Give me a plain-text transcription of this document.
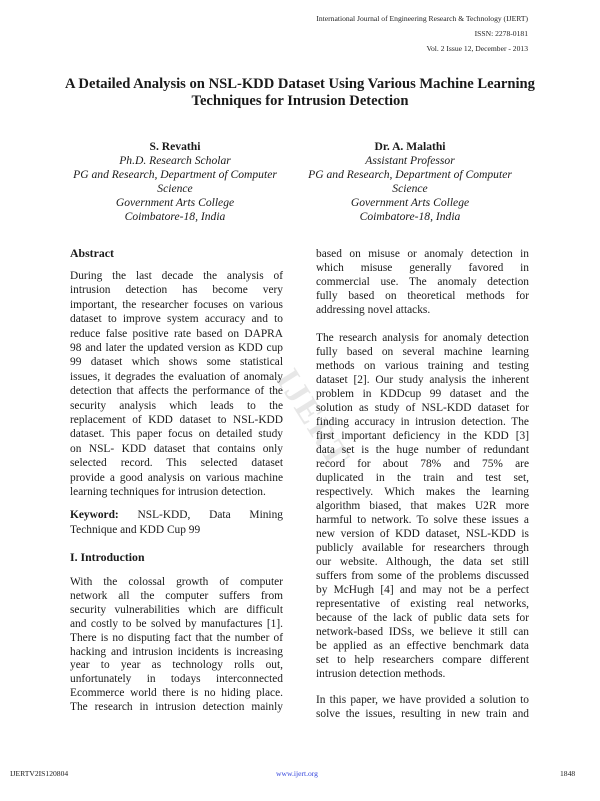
International Journal of Engineering Research & Technology (IJERT)
ISSN: 2278-0181
Vol. 2 Issue 12, December - 2013
A Detailed Analysis on NSL-KDD Dataset Using Various Machine Learning
Techniques for Intrusion Detection
S. Revathi
Ph.D. Research Scholar
PG and Research, Department of Computer
Science
Government Arts College
Coimbatore-18, India
Dr. A. Malathi
Assistant Professor
PG and Research, Department of Computer
Science
Government Arts College
Coimbatore-18, India
IJERT
Abstract
During the last decade the analysis of
intrusion detection has become very
important, the researcher focuses on various
dataset to improve system accuracy and to
reduce false positive rate based on DAPRA
98 and later the updated version as KDD cup
99 dataset which shows some statistical
issues, it degrades the evaluation of anomaly
detection that affects the performance of the
security analysis which leads to the
replacement of KDD dataset to NSL-KDD
dataset. This paper focus on detailed study
on NSL- KDD dataset that contains only
selected record. This selected dataset
provide a good analysis on various machine
learning techniques for intrusion detection.
Keyword: NSL-KDD, Data Mining
Technique and KDD Cup 99
I. Introduction
With the colossal growth of computer
network all the computer suffers from
security vulnerabilities which are difficult
and costly to be solved by manufactures [1].
There is no disputing fact that the number of
hacking and intrusion incidents is increasing
year to year as technology rolls out,
unfortunately in todays interconnected
Ecommerce world there is no hiding place.
The research in intrusion detection mainly
based on misuse or anomaly detection in
which misuse generally favored in
commercial use. The anomaly detection
fully based on theoretical methods for
addressing novel attacks.
The research analysis for anomaly detection
fully based on several machine learning
methods on various training and testing
dataset [2]. Our study analysis the inherent
problem in KDDcup 99 dataset and the
solution as study of NSL-KDD dataset for
finding accuracy in intrusion detection. The
first important deficiency in the KDD [3]
data set is the huge number of redundant
record for about 78% and 75% are
duplicated in the train and test set,
respectively. Which makes the learning
algorithm biased, that makes U2R more
harmful to network. To solve these issues a
new version of KDD dataset, NSL-KDD is
publicly available for researchers through
our website. Although, the data set still
suffers from some of the problems discussed
by McHugh [4] and may not be a perfect
representative of existing real networks,
because of the lack of public data sets for
network-based IDSs, we believe it still can
be applied as an effective benchmark data
set to help researchers compare different
intrusion detection methods.
In this paper, we have provided a solution to
solve the issues, resulting in new train and
IJERTV2IS120804	www.ijert.org	1848
